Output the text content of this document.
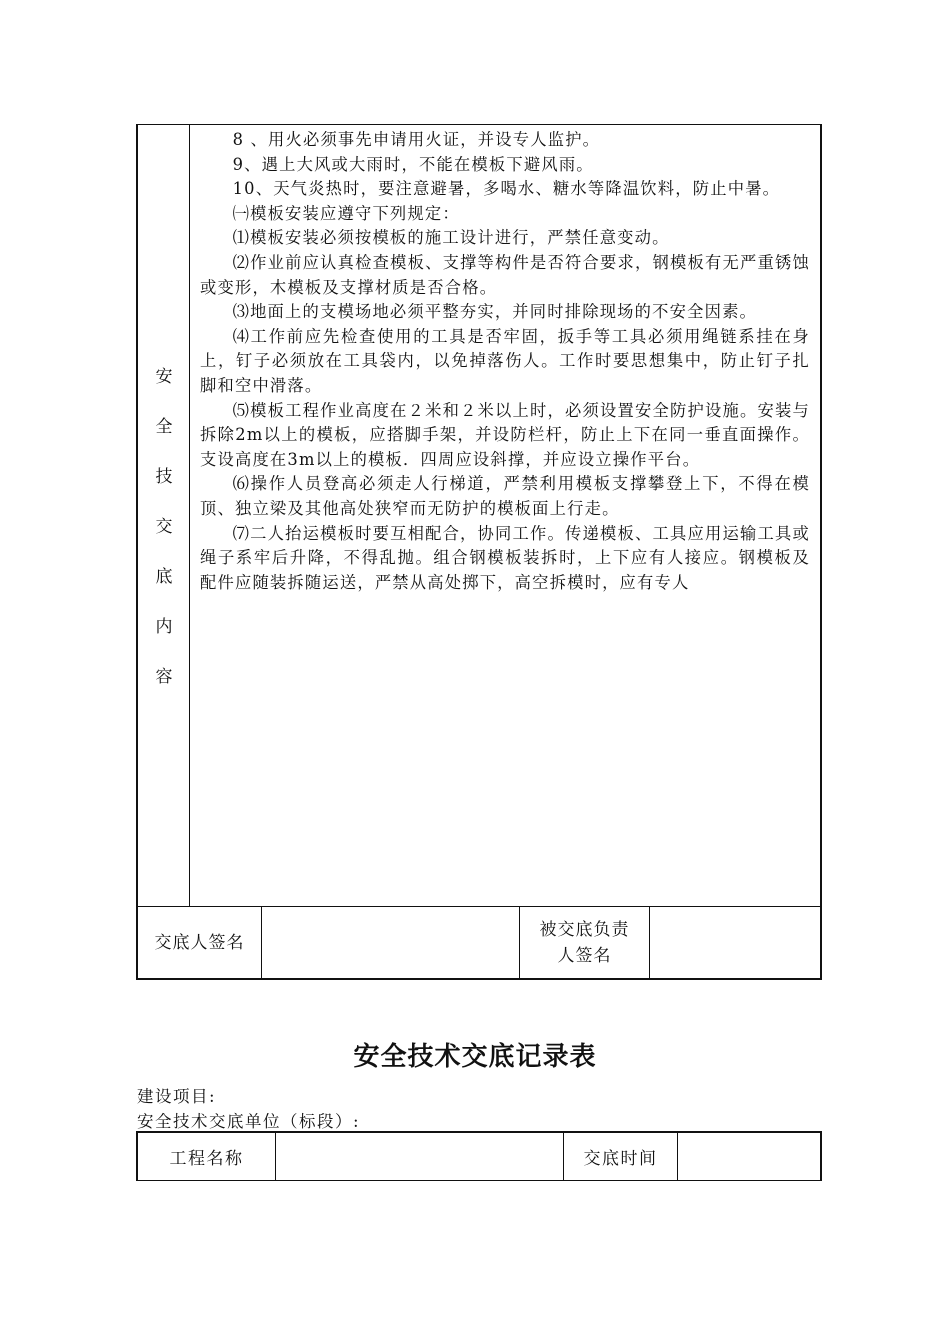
安
全
技
交
底
内
容

8 、用火必须事先申请用火证，并设专人监护。

9、遇上大风或大雨时，不能在模板下避风雨。

10、天气炎热时，要注意避暑，多喝水、糖水等降温饮料，防止中暑。

㈠模板安装应遵守下列规定：

⑴模板安装必须按模板的施工设计进行，严禁任意变动。

⑵作业前应认真检查模板、支撑等构件是否符合要求，钢模板有无严重锈蚀或变形，木模板及支撑材质是否合格。

⑶地面上的支模场地必须平整夯实，并同时排除现场的不安全因素。

⑷工作前应先检查使用的工具是否牢固，扳手等工具必须用绳链系挂在身上，钉子必须放在工具袋内，以免掉落伤人。工作时要思想集中，防止钉子扎脚和空中滑落。

⑸模板工程作业高度在２米和２米以上时，必须设置安全防护设施。安装与拆除2m以上的模板，应搭脚手架，并设防栏杆，防止上下在同一垂直面操作。支设高度在3m以上的模板．四周应设斜撑，并应设立操作平台。

⑹操作人员登高必须走人行梯道，严禁利用模板支撑攀登上下，不得在模顶、独立梁及其他高处狭窄而无防护的模板面上行走。

⑺二人抬运模板时要互相配合，协同工作。传递模板、工具应用运输工具或绳子系牢后升降，不得乱抛。组合钢模板装拆时，上下应有人接应。钢模板及配件应随装拆随运送，严禁从高处掷下，高空拆模时，应有专人

交底人签名
被交底负责人签名
安全技术交底记录表
建设项目:
安全技术交底单位（标段）:
工程名称	交底时间
